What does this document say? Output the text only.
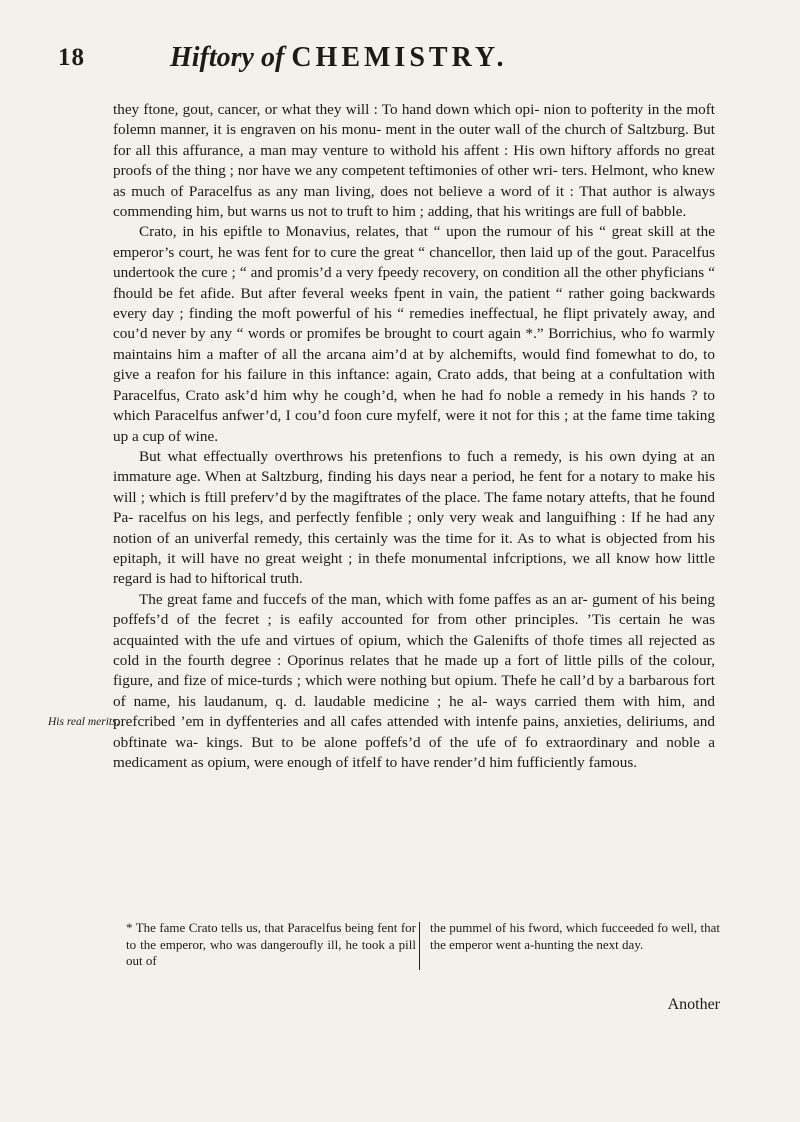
18	Hiftory of CHEMISTRY.

they ftone, gout, cancer, or what they will : To hand down which opi- nion to pofterity in the moft folemn manner, it is engraven on his monu- ment in the outer wall of the church of Saltzburg. But for all this affurance, a man may venture to withold his affent : His own hiftory affords no great proofs of the thing ; nor have we any competent teftimonies of other wri- ters. Helmont, who knew as much of Paracelfus as any man living, does not believe a word of it : That author is always commending him, but warns us not to truft to him ; adding, that his writings are full of babble.

Crato, in his epiftle to Monavius, relates, that “ upon the rumour of his “ great skill at the emperor’s court, he was fent for to cure the great “ chancellor, then laid up of the gout. Paracelfus undertook the cure ; “ and promis’d a very fpeedy recovery, on condition all the other phyficians “ fhould be fet afide. But after feveral weeks fpent in vain, the patient “ rather going backwards every day ; finding the moft powerful of his “ remedies ineffectual, he flipt privately away, and cou’d never by any “ words or promifes be brought to court again *.” Borrichius, who fo warmly maintains him a mafter of all the arcana aim’d at by alchemifts, would find fomewhat to do, to give a reafon for his failure in this inftance: again, Crato adds, that being at a confultation with Paracelfus, Crato ask’d him why he cough’d, when he had fo noble a remedy in his hands ? to which Paracelfus anfwer’d, I cou’d foon cure myfelf, were it not for this ; at the fame time taking up a cup of wine.

But what effectually overthrows his pretenfions to fuch a remedy, is his own dying at an immature age. When at Saltzburg, finding his days near a period, he fent for a notary to make his will ; which is ftill preferv’d by the magiftrates of the place. The fame notary attefts, that he found Pa- racelfus on his legs, and perfectly fenfible ; only very weak and languifhing : If he had any notion of an univerfal remedy, this certainly was the time for it. As to what is objected from his epitaph, it will have no great weight ; in thefe monumental infcriptions, we all know how little regard is had to hiftorical truth.

The great fame and fuccefs of the man, which with fome paffes as an ar- gument of his being poffefs’d of the fecret ; is eafily accounted for from other principles. ’Tis certain he was acquainted with the ufe and virtues of opium, which the Galenifts of thofe times all rejected as cold in the fourth degree : Oporinus relates that he made up a fort of little pills of the colour, figure, and fize of mice-turds ; which were nothing but opium. Thefe he call’d by a barbarous fort of name, his laudanum, q. d. laudable medicine ; he al- ways carried them with him, and prefcribed ’em in dyffenteries and all cafes attended with intenfe pains, anxieties, deliriums, and obftinate wa- kings. But to be alone poffefs’d of the ufe of fo extraordinary and noble a medicament as opium, were enough of itfelf to have render’d him fufficiently famous.

His real merits.
* The fame Crato tells us, that Paracelfus being fent for to the emperor, who was dangeroufly ill, he took a pill out of
the pummel of his fword, which fucceeded fo well, that the emperor went a-hunting the next day.
Another
